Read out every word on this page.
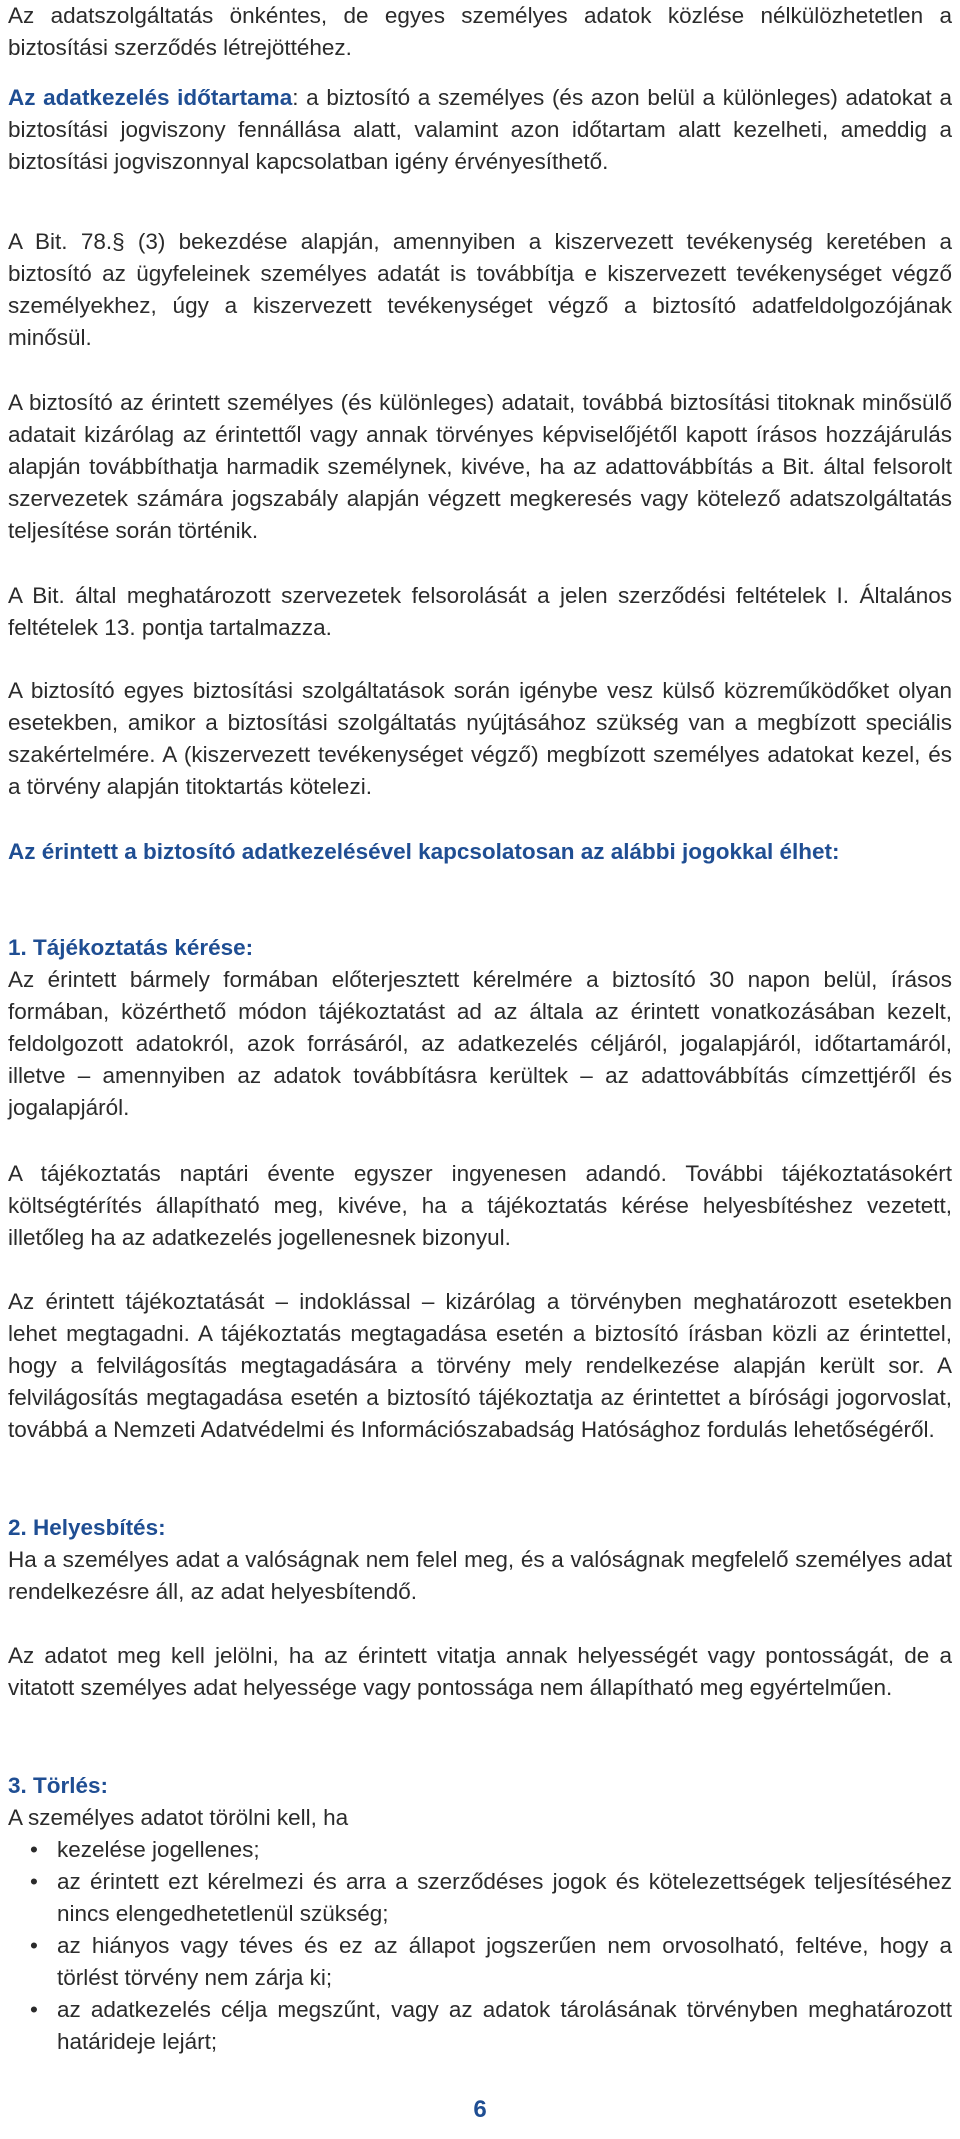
Az adatszolgáltatás önkéntes, de egyes személyes adatok közlése nélkülözhetetlen a biztosítási szerződés létrejöttéhez.
Az adatkezelés időtartama: a biztosító a személyes (és azon belül a különleges) adatokat a biztosítási jogviszony fennállása alatt, valamint azon időtartam alatt kezelheti, ameddig a biztosítási jogviszonnyal kapcsolatban igény érvényesíthető.
A Bit. 78.§ (3) bekezdése alapján, amennyiben a kiszervezett tevékenység keretében a biztosító az ügyfeleinek személyes adatát is továbbítja e kiszervezett tevékenységet végző személyekhez, úgy a kiszervezett tevékenységet végző a biztosító adatfeldolgozójának minősül.
A biztosító az érintett személyes (és különleges) adatait, továbbá biztosítási titoknak minősülő adatait kizárólag az érintettől vagy annak törvényes képviselőjétől kapott írásos hozzájárulás alapján továbbíthatja harmadik személynek, kivéve, ha az adattovábbítás a Bit. által felsorolt szervezetek számára jogszabály alapján végzett megkeresés vagy kötelező adatszolgáltatás teljesítése során történik.
A Bit. által meghatározott szervezetek felsorolását a jelen szerződési feltételek I. Általános feltételek 13. pontja tartalmazza.
A biztosító egyes biztosítási szolgáltatások során igénybe vesz külső közreműködőket olyan esetekben, amikor a biztosítási szolgáltatás nyújtásához szükség van a megbízott speciális szakértelmére. A (kiszervezett tevékenységet végző) megbízott személyes adatokat kezel, és a törvény alapján titoktartás kötelezi.
Az érintett a biztosító adatkezelésével kapcsolatosan az alábbi jogokkal élhet:
1. Tájékoztatás kérése:
Az érintett bármely formában előterjesztett kérelmére a biztosító 30 napon belül, írásos formában, közérthető módon tájékoztatást ad az általa az érintett vonatkozásában kezelt, feldolgozott adatokról, azok forrásáról, az adatkezelés céljáról, jogalapjáról, időtartamáról, illetve – amennyiben az adatok továbbításra kerültek – az adattovábbítás címzettjéről és jogalapjáról.
A tájékoztatás naptári évente egyszer ingyenesen adandó. További tájékoztatásokért költségtérítés állapítható meg, kivéve, ha a tájékoztatás kérése helyesbítéshez vezetett, illetőleg ha az adatkezelés jogellenesnek bizonyul.
Az érintett tájékoztatását – indoklással – kizárólag a törvényben meghatározott esetekben lehet megtagadni. A tájékoztatás megtagadása esetén a biztosító írásban közli az érintettel, hogy a felvilágosítás megtagadására a törvény mely rendelkezése alapján került sor. A felvilágosítás megtagadása esetén a biztosító tájékoztatja az érintettet a bírósági jogorvoslat, továbbá a Nemzeti Adatvédelmi és Információszabadság Hatósághoz fordulás lehetőségéről.
2. Helyesbítés:
Ha a személyes adat a valóságnak nem felel meg, és a valóságnak megfelelő személyes adat rendelkezésre áll, az adat helyesbítendő.
Az adatot meg kell jelölni, ha az érintett vitatja annak helyességét vagy pontosságát, de a vitatott személyes adat helyessége vagy pontossága nem állapítható meg egyértelműen.
3. Törlés:
A személyes adatot törölni kell, ha
• kezelése jogellenes;
• az érintett ezt kérelmezi és arra a szerződéses jogok és kötelezettségek teljesítéséhez nincs elengedhetetlenül szükség;
• az hiányos vagy téves és ez az állapot jogszerűen nem orvosolható, feltéve, hogy a törlést törvény nem zárja ki;
• az adatkezelés célja megszűnt, vagy az adatok tárolásának törvényben meghatározott határideje lejárt;
6
